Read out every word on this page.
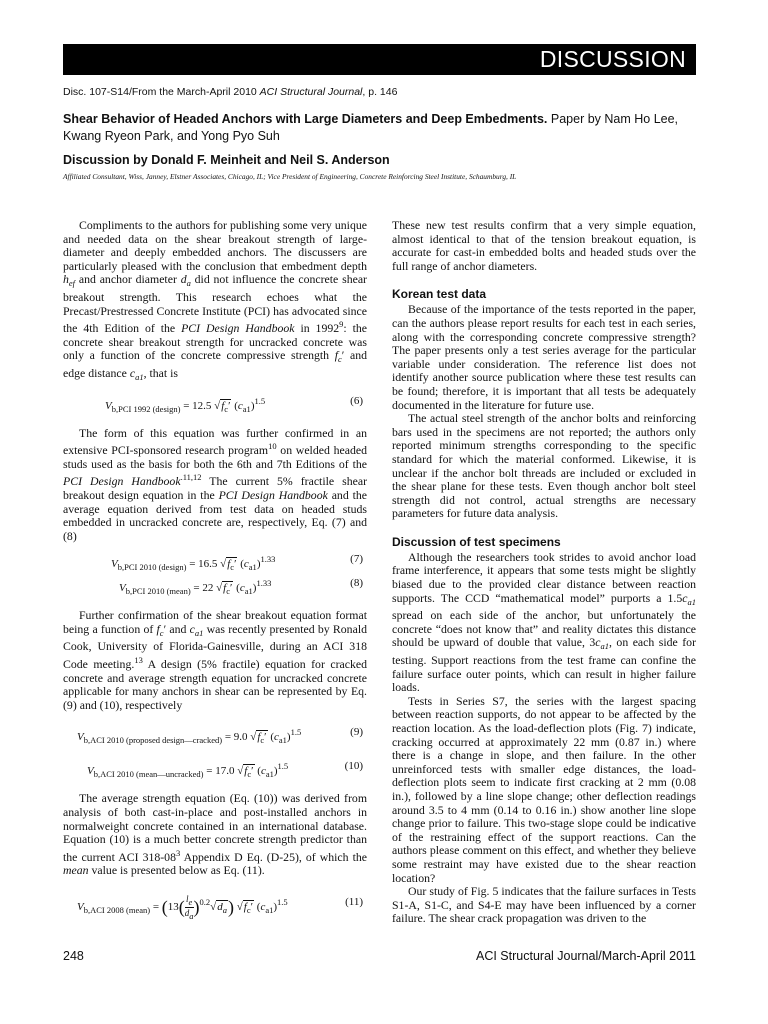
DISCUSSION
Disc. 107-S14/From the March-April 2010 ACI Structural Journal, p. 146
Shear Behavior of Headed Anchors with Large Diameters and Deep Embedments. Paper by Nam Ho Lee, Kwang Ryeon Park, and Yong Pyo Suh
Discussion by Donald F. Meinheit and Neil S. Anderson
Affiliated Consultant, Wiss, Janney, Elstner Associates, Chicago, IL; Vice President of Engineering, Concrete Reinforcing Steel Institute, Schaumburg, IL

Compliments to the authors for publishing some very unique and needed data on the shear breakout strength of large-diameter and deeply embedded anchors. The discussers are particularly pleased with the conclusion that embedment depth $h_{ef}$ and anchor diameter $d_a$ did not influence the concrete shear breakout strength. This research echoes what the Precast/Prestressed Concrete Institute (PCI) has advocated since the 4th Edition of the PCI Design Handbook in 1992$^9$: the concrete shear breakout strength for uncracked concrete was only a function of the concrete compressive strength $f_c'$ and edge distance $c_{a1}$, that is

$V_{b,PCI 1992 (design)} = 12.5$ $√f_c'$ $(c_{a1})^{1.5}$	(6)

The form of this equation was further confirmed in an extensive PCI-sponsored research program$^{10}$ on welded headed studs used as the basis for both the 6th and 7th Editions of the PCI Design Handbook$^{.11,12}$ The current 5% fractile shear breakout design equation in the PCI Design Handbook and the average equation derived from test data on headed studs embedded in uncracked concrete are, respectively, Eq. (7) and (8)

$V_{b,PCI 2010 (design)} = 16.5$ $√f_c'$ $(c_{a1})^{1.33}$	(7)
$V_{b,PCI 2010 (mean)} = 22$ $√f_c'$ $(c_{a1})^{1.33}$	(8)

Further confirmation of the shear breakout equation format being a function of $f_c'$ and $c_{a1}$ was recently presented by Ronald Cook, University of Florida-Gainesville, during an ACI 318 Code meeting.$^{13}$ A design (5% fractile) equation for cracked concrete and average strength equation for uncracked concrete applicable for many anchors in shear can be represented by Eq. (9) and (10), respectively

$V_{b,ACI 2010 (proposed design—cracked)} = 9.0$ $√f_c'$ $(c_{a1})^{1.5}$	(9)
$V_{b,ACI 2010 (mean—uncracked)} = 17.0$ $√f_c'$ $(c_{a1})^{1.5}$	(10)

The average strength equation (Eq. (10)) was derived from analysis of both cast-in-place and post-installed anchors in normalweight concrete contained in an international database. Equation (10) is a much better concrete strength predictor than the current ACI $318-08^3$ Appendix D Eq. (D-25), of which the mean value is presented below as Eq. (11).

$V_{b,ACI 2008 (mean)} = (13( \frac{le}{da} )^{0.2}√d_a)$ $√f_c'$ $(c_{a1})^{1.5}$	(11)

These new test results confirm that a very simple equation, almost identical to that of the tension breakout equation, is accurate for cast-in embedded bolts and headed studs over the full range of anchor diameters.

Korean test data

Because of the importance of the tests reported in the paper, can the authors please report results for each test in each series, along with the corresponding concrete compressive strength? The paper presents only a test series average for the particular variable under consideration. The reference list does not identify another source publication where these test results can be found; therefore, it is important that all tests be adequately documented in the literature for future use.

The actual steel strength of the anchor bolts and reinforcing bars used in the specimens are not reported; the authors only reported minimum strengths corresponding to the specific standard for which the material conformed. Likewise, it is unclear if the anchor bolt threads are included or excluded in the shear plane for these tests. Even though anchor bolt steel strength did not control, actual strengths are necessary parameters for future data analysis.

Discussion of test specimens

Although the researchers took strides to avoid anchor load frame interference, it appears that some tests might be slightly biased due to the provided clear distance between reaction supports. The CCD “mathematical model” purports a $1.5c_{a1}$ spread on each side of the anchor, but unfortunately the concrete “does not know that” and reality dictates this distance should be upward of double that value, $3c_{a1}$, on each side for testing. Support reactions from the test frame can confine the failure surface outer points, which can result in higher failure loads.

Tests in Series S7, the series with the largest spacing between reaction supports, do not appear to be affected by the reaction location. As the load-deflection plots (Fig. 7) indicate, cracking occurred at approximately 22 mm (0.87 in.) where there is a change in slope, and then failure. In the other unreinforced tests with smaller edge distances, the load-deflection plots seem to indicate first cracking at 2 mm (0.08 in.), followed by a line slope change; other deflection readings around 3.5 to 4 mm (0.14 to 0.16 in.) show another line slope change prior to failure. This two-stage slope could be indicative of the restraining effect of the support reactions. Can the authors please comment on this effect, and whether they believe some restraint may have existed due to the shear reaction location?

Our study of Fig. 5 indicates that the failure surfaces in Tests S1-A, S1-C, and S4-E may have been influenced by a corner failure. The shear crack propagation was driven to the

248	ACI Structural Journal/March-April 2011
